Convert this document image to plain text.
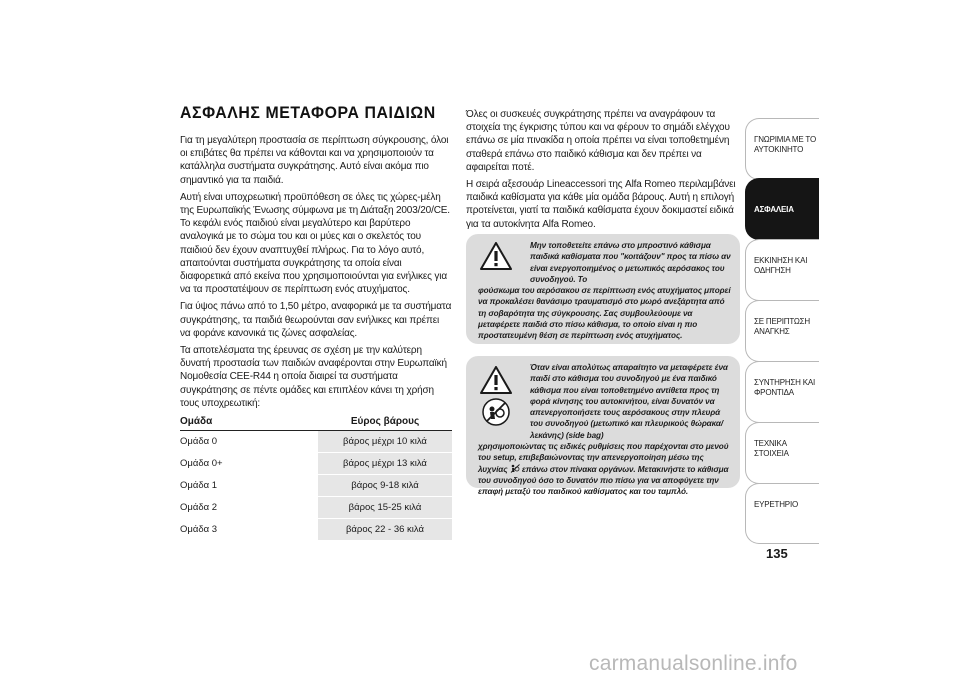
ΑΣΦΑΛΗΣ ΜΕΤΑΦΟΡΑ ΠΑΙΔΙΩΝ

Για τη μεγαλύτερη προστασία σε περίπτωση σύγκρουσης, όλοι οι επιβάτες θα πρέπει να κάθονται και να χρησιμοποιούν τα κατάλληλα συστήματα συγκράτησης. Αυτό είναι ακόμα πιο σημαντικό για τα παιδιά.

Αυτή είναι υποχρεωτική προϋπόθεση σε όλες τις χώρες-μέλη της Ευρωπαϊκής Ένωσης σύμφωνα με τη Διάταξη 2003/20/CE. Το κεφάλι ενός παιδιού είναι μεγαλύτερο και βαρύτερο αναλογικά με το σώμα του και οι μύες και ο σκελετός του παιδιού δεν έχουν αναπτυχθεί πλήρως. Για το λόγο αυτό, απαιτούνται συστήματα συγκράτησης τα οποία είναι διαφορετικά από εκείνα που χρησιμοποιούνται για ενήλικες για να τα προστατέψουν σε περίπτωση ενός ατυχήματος.

Για ύψος πάνω από το 1,50 μέτρο, αναφορικά με τα συστήματα συγκράτησης, τα παιδιά θεωρούνται σαν ενήλικες και πρέπει να φοράνε κανονικά τις ζώνες ασφαλείας.

Τα αποτελέσματα της έρευνας σε σχέση με την καλύτερη δυνατή προστασία των παιδιών αναφέρονται στην Ευρωπαϊκή Νομοθεσία CEE-R44 η οποία διαιρεί τα συστήματα συγκράτησης σε πέντε ομάδες και επιπλέον κάνει τη χρήση τους υποχρεωτική:

Ομάδα	Εύρος βάρους
Ομάδα 0	βάρος μέχρι 10 κιλά
Ομάδα 0+	βάρος μέχρι 13 κιλά
Ομάδα 1	βάρος 9-18 κιλά
Ομάδα 2	βάρος 15-25 κιλά
Ομάδα 3	βάρος 22 - 36 κιλά

Όλες οι συσκευές συγκράτησης πρέπει να αναγράφουν τα στοιχεία της έγκρισης τύπου και να φέρουν το σημάδι ελέγχου επάνω σε μία πινακίδα η οποία πρέπει να είναι τοποθετημένη σταθερά επάνω στο παιδικό κάθισμα και δεν πρέπει να αφαιρείται ποτέ.

Η σειρά αξεσουάρ Lineaccessori της Alfa Romeo περιλαμβάνει παιδικά καθίσματα για κάθε μία ομάδα βάρους. Αυτή η επιλογή προτείνεται, γιατί τα παιδικά καθίσματα έχουν δοκιμαστεί ειδικά για τα αυτοκίνητα Alfa Romeo.

Μην τοποθετείτε επάνω στο μπροστινό κάθισμα παιδικά καθίσματα που "κοιτάζουν" προς τα πίσω αν είναι ενεργοποιημένος ο μετωπικός αερόσακος του συνοδηγού. Το
φούσκωμα του αερόσακου σε περίπτωση ενός ατυχήματος μπορεί να προκαλέσει θανάσιμο τραυματισμό στο μωρό ανεξάρτητα από τη σοβαρότητα της σύγκρουσης. Σας συμβουλεύουμε να μεταφέρετε παιδιά στο πίσω κάθισμα, το οποίο είναι η πιο προστατευμένη θέση σε περίπτωση ενός ατυχήματος.
Όταν είναι απολύτως απαραίτητο να μεταφέρετε ένα παιδί στο κάθισμα του συνοδηγού με ένα παιδικό κάθισμα που είναι τοποθετημένο αντίθετα προς τη φορά κίνησης του αυτοκινήτου, είναι δυνατόν να απενεργοποιήσετε τους αερόσακους στην πλευρά του συνοδηγού (μετωπικό και πλευρικούς θώρακα/λεκάνης) (side bag)
χρησιμοποιώντας τις ειδικές ρυθμίσεις που παρέχονται στο μενού του setup, επιβεβαιώνοντας την απενεργοποίηση μέσω της λυχνίας επάνω στον πίνακα οργάνων. Μετακινήστε το κάθισμα του συνοδηγού όσο το δυνατόν πιο πίσω για να αποφύγετε την επαφή μεταξύ του παιδικού καθίσματος και του ταμπλό.
ΓΝΩΡΙΜΙΑ ΜΕ ΤΟ ΑΥΤΟΚΙΝΗΤΟ
ΑΣΦΑΛΕΙΑ
ΕΚΚΙΝΗΣΗ ΚΑΙ ΟΔΗΓΗΣΗ
ΣΕ ΠΕΡΙΠΤΩΣΗ ΑΝΑΓΚΗΣ
ΣΥΝΤΗΡΗΣΗ ΚΑΙ ΦΡΟΝΤΙΔΑ
ΤΕΧΝΙΚΑ ΣΤΟΙΧΕΙΑ
ΕΥΡΕΤΗΡΙΟ
135
carmanualsonline.info
